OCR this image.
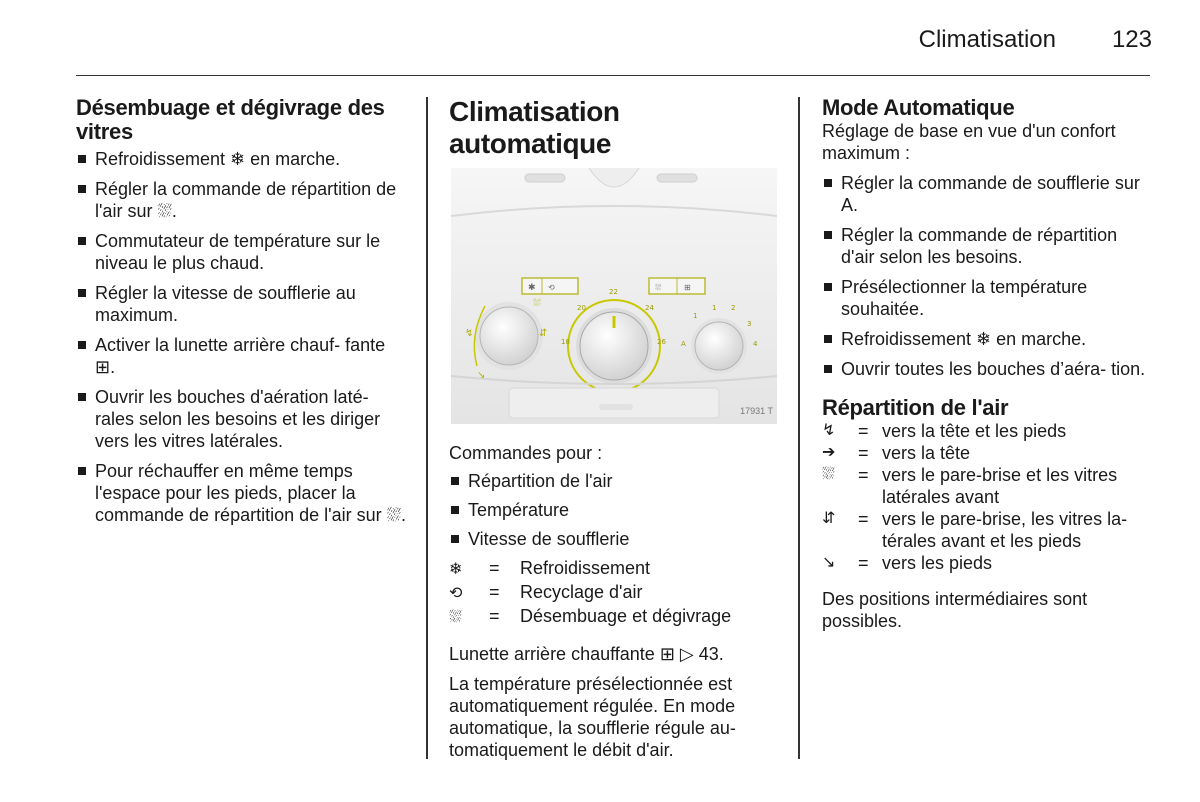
Climatisation	123
Désembuage et dégivrage des vitres
Refroidissement ❄ en marche.
Régler la commande de répartition de l'air sur ⛆.
Commutateur de température sur le niveau le plus chaud.
Régler la vitesse de soufflerie au maximum.
Activer la lunette arrière chauf- fante ⊞.
Ouvrir les bouches d'aération laté- rales selon les besoins et les diriger vers les vitres latérales.
Pour réchauffer en même temps l'espace pour les pieds, placer la commande de répartition de l'air sur ⛆.
Climatisation automatique
✱ ⟲	⛆	⊞
⛆
↯	⇵
↘
20
22
24
18	26 A
1
1 2
3
4
17931 T

Commandes pour :

Répartition de l'air
Température
Vitesse de soufflerie
❄	=	Refroidissement
⟲	=	Recyclage d'air
⛆	=	Désembuage et dégivrage

Lunette arrière chauffante ⊞ ▷ 43.

La température présélectionnée est automatiquement régulée. En mode automatique, la soufflerie régule au- tomatiquement le débit d'air.

Mode Automatique

Réglage de base en vue d'un confort maximum :

Régler la commande de soufflerie sur A.
Régler la commande de répartition d'air selon les besoins.
Présélectionner la température souhaitée.
Refroidissement ❄ en marche.
Ouvrir toutes les bouches d’aéra- tion.
Répartition de l'air
↯	= vers la tête et les pieds
➔	= vers la tête
⛆	= vers le pare-brise et les vitres latérales avant
⇵	= vers le pare-brise, les vitres la- térales avant et les pieds
↘	= vers les pieds

Des positions intermédiaires sont possibles.
